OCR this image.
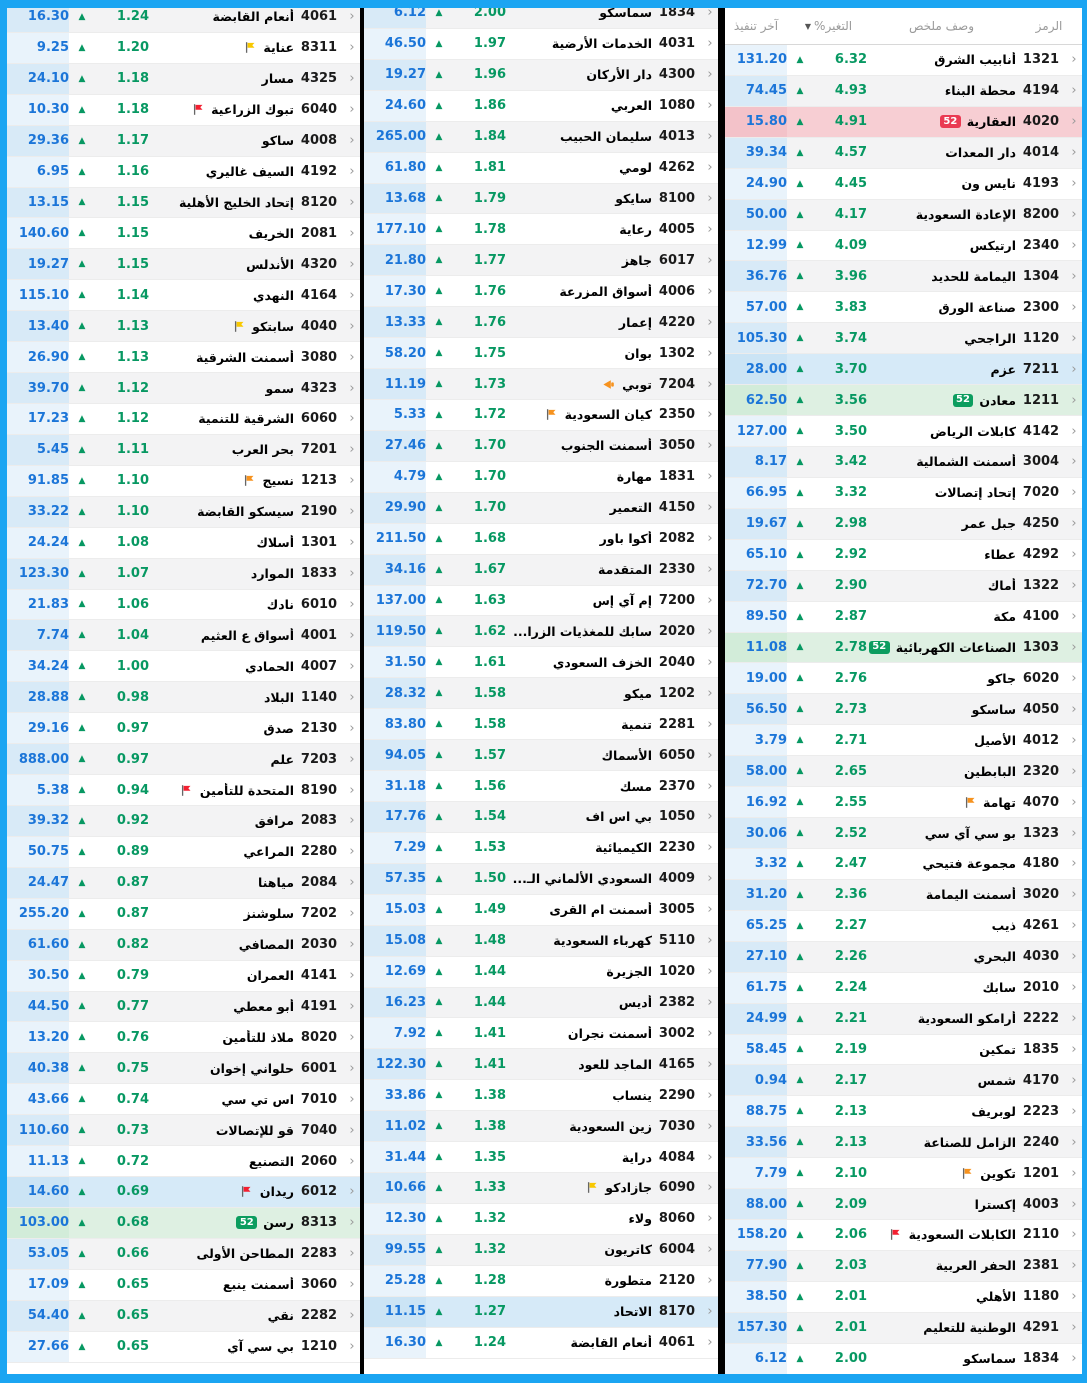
‹
4061
أنعام القابضة
1.24
▲
16.30
‹
8311
عناية
1.20
▲
9.25
‹
4325
مسار
1.18
▲
24.10
‹
6040
تبوك الزراعية
1.18
▲
10.30
‹
4008
ساكو
1.17
▲
29.36
‹
4192
السيف غاليري
1.16
▲
6.95
‹
8120
إتحاد الخليج الأهلية
1.15
▲
13.15
‹
2081
الخريف
1.15
▲
140.60
‹
4320
الأندلس
1.15
▲
19.27
‹
4164
النهدي
1.14
▲
115.10
‹
4040
سابتكو
1.13
▲
13.40
‹
3080
أسمنت الشرقية
1.13
▲
26.90
‹
4323
سمو
1.12
▲
39.70
‹
6060
الشرقية للتنمية
1.12
▲
17.23
‹
7201
بحر العرب
1.11
▲
5.45
‹
1213
نسيج
1.10
▲
91.85
‹
2190
سيسكو القابضة
1.10
▲
33.22
‹
1301
أسلاك
1.08
▲
24.24
‹
1833
الموارد
1.07
▲
123.30
‹
6010
نادك
1.06
▲
21.83
‹
4001
أسواق ع العثيم
1.04
▲
7.74
‹
4007
الحمادي
1.00
▲
34.24
‹
1140
البلاد
0.98
▲
28.88
‹
2130
صدق
0.97
▲
29.16
‹
7203
علم
0.97
▲
888.00
‹
8190
المتحدة للتأمين
0.94
▲
5.38
‹
2083
مرافق
0.92
▲
39.32
‹
2280
المراعي
0.89
▲
50.75
‹
2084
مياهنا
0.87
▲
24.47
‹
7202
سلوشنز
0.87
▲
255.20
‹
2030
المصافي
0.82
▲
61.60
‹
4141
العمران
0.79
▲
30.50
‹
4191
أبو معطي
0.77
▲
44.50
‹
8020
ملاذ للتأمين
0.76
▲
13.20
‹
6001
حلواني إخوان
0.75
▲
40.38
‹
7010
اس تي سي
0.74
▲
43.66
‹
7040
قو للإتصالات
0.73
▲
110.60
‹
2060
التصنيع
0.72
▲
11.13
‹
6012
ريدان
0.69
▲
14.60
‹
8313
رسن
52
0.68
▲
103.00
‹
2283
المطاحن الأولى
0.66
▲
53.05
‹
3060
أسمنت ينبع
0.65
▲
17.09
‹
2282
نقي
0.65
▲
54.40
‹
1210
بي سي آي
0.65
▲
27.66
‹
1834
سماسكو
2.00
▲
6.12
‹
4031
الخدمات الأرضية
1.97
▲
46.50
‹
4300
دار الأركان
1.96
▲
19.27
‹
1080
العربي
1.86
▲
24.60
‹
4013
سليمان الحبيب
1.84
▲
265.00
‹
4262
لومي
1.81
▲
61.80
‹
8100
سايكو
1.79
▲
13.68
‹
4005
رعاية
1.78
▲
177.10
‹
6017
جاهز
1.77
▲
21.80
‹
4006
أسواق المزرعة
1.76
▲
17.30
‹
4220
إعمار
1.76
▲
13.33
‹
1302
بوان
1.75
▲
58.20
‹
7204
توبي
1.73
▲
11.19
‹
2350
كيان السعودية
1.72
▲
5.33
‹
3050
أسمنت الجنوب
1.70
▲
27.46
‹
1831
مهارة
1.70
▲
4.79
‹
4150
التعمير
1.70
▲
29.90
‹
2082
أكوا باور
1.68
▲
211.50
‹
2330
المتقدمة
1.67
▲
34.16
‹
7200
إم آي إس
1.63
▲
137.00
‹
2020
سابك للمغذيات الزرا...
1.62
▲
119.50
‹
2040
الخزف السعودي
1.61
▲
31.50
‹
1202
ميكو
1.58
▲
28.32
‹
2281
تنمية
1.58
▲
83.80
‹
6050
الأسماك
1.57
▲
94.05
‹
2370
مسك
1.56
▲
31.18
‹
1050
بي اس اف
1.54
▲
17.76
‹
2230
الكيميائية
1.53
▲
7.29
‹
4009
السعودي الألماني الـ...
1.50
▲
57.35
‹
3005
أسمنت ام القرى
1.49
▲
15.03
‹
5110
كهرباء السعودية
1.48
▲
15.08
‹
1020
الجزيرة
1.44
▲
12.69
‹
2382
أديس
1.44
▲
16.23
‹
3002
أسمنت نجران
1.41
▲
7.92
‹
4165
الماجد للعود
1.41
▲
122.30
‹
2290
ينساب
1.38
▲
33.86
‹
7030
زين السعودية
1.38
▲
11.02
‹
4084
دراية
1.35
▲
31.44
‹
6090
جازادكو
1.33
▲
10.66
‹
8060
ولاء
1.32
▲
12.30
‹
6004
كاتريون
1.32
▲
99.55
‹
2120
متطورة
1.28
▲
25.28
‹
8170
الاتحاد
1.27
▲
11.15
‹
4061
أنعام القابضة
1.24
▲
16.30
الرمز
وصف ملخص
التغير%▼
آخر تنفيذ
‹
1321
أنابيب الشرق
6.32
▲
131.20
‹
4194
محطة البناء
4.93
▲
74.45
‹
4020
العقارية
52
4.91
▲
15.80
‹
4014
دار المعدات
4.57
▲
39.34
‹
4193
نايس ون
4.45
▲
24.90
‹
8200
الإعادة السعودية
4.17
▲
50.00
‹
2340
ارتيكس
4.09
▲
12.99
‹
1304
اليمامة للحديد
3.96
▲
36.76
‹
2300
صناعة الورق
3.83
▲
57.00
‹
1120
الراجحي
3.74
▲
105.30
‹
7211
عزم
3.70
▲
28.00
‹
1211
معادن
52
3.56
▲
62.50
‹
4142
كابلات الرياض
3.50
▲
127.00
‹
3004
أسمنت الشمالية
3.42
▲
8.17
‹
7020
إتحاد إتصالات
3.32
▲
66.95
‹
4250
جبل عمر
2.98
▲
19.67
‹
4292
عطاء
2.92
▲
65.10
‹
1322
أماك
2.90
▲
72.70
‹
4100
مكة
2.87
▲
89.50
‹
1303
الصناعات الكهربائية
52
2.78
▲
11.08
‹
6020
جاكو
2.76
▲
19.00
‹
4050
ساسكو
2.73
▲
56.50
‹
4012
الأصيل
2.71
▲
3.79
‹
2320
البابطين
2.65
▲
58.00
‹
4070
تهامة
2.55
▲
16.92
‹
1323
بو سي آي سي
2.52
▲
30.06
‹
4180
مجموعة فتيحي
2.47
▲
3.32
‹
3020
أسمنت اليمامة
2.36
▲
31.20
‹
4261
ذيب
2.27
▲
65.25
‹
4030
البحري
2.26
▲
27.10
‹
2010
سابك
2.24
▲
61.75
‹
2222
أرامكو السعودية
2.21
▲
24.99
‹
1835
تمكين
2.19
▲
58.45
‹
4170
شمس
2.17
▲
0.94
‹
2223
لوبريف
2.13
▲
88.75
‹
2240
الزامل للصناعة
2.13
▲
33.56
‹
1201
تكوين
2.10
▲
7.79
‹
4003
إكسترا
2.09
▲
88.00
‹
2110
الكابلات السعودية
2.06
▲
158.20
‹
2381
الحفر العربية
2.03
▲
77.90
‹
1180
الأهلي
2.01
▲
38.50
‹
4291
الوطنية للتعليم
2.01
▲
157.30
‹
1834
سماسكو
2.00
▲
6.12
